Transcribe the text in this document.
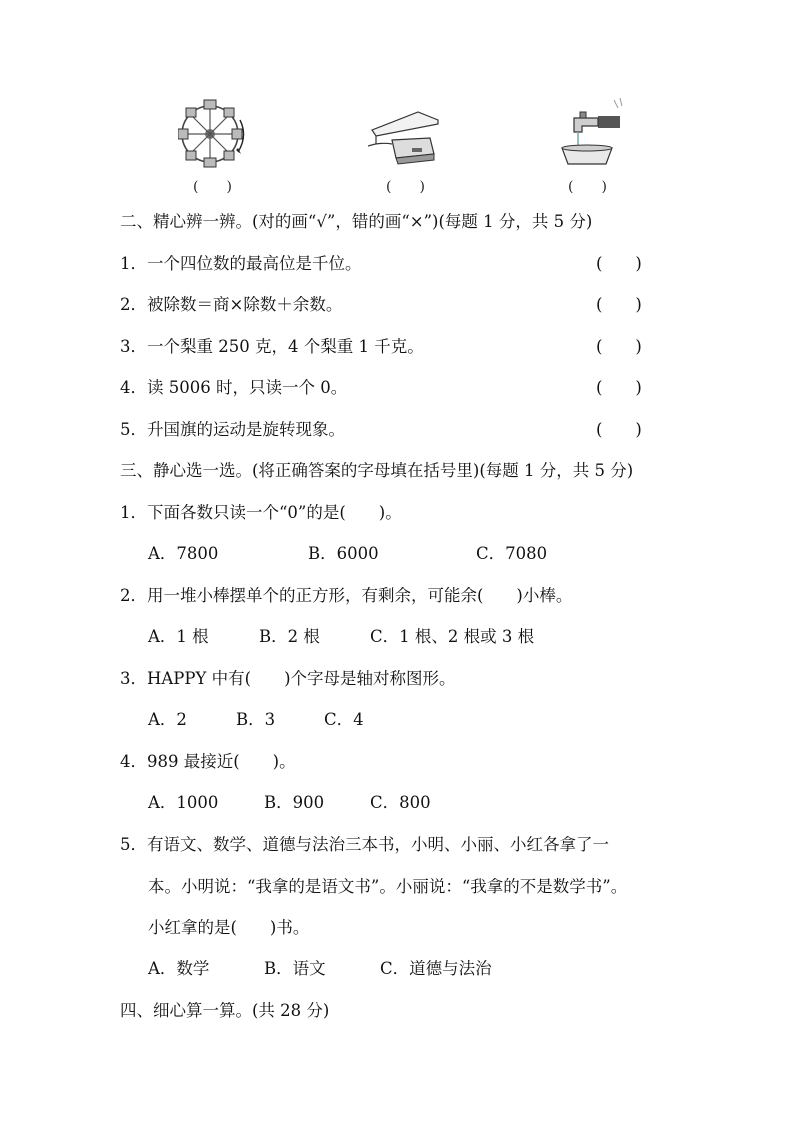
(　　)	(　　)	(　　)
二、精心辨一辨。(对的画“√”，错的画“×”)(每题 1 分，共 5 分)
1．一个四位数的最高位是千位。	(　　)
2．被除数＝商×除数＋余数。	(　　)
3．一个梨重 250 克，4 个梨重 1 千克。	(　　)
4．读 5006 时，只读一个 0。	(　　)
5．升国旗的运动是旋转现象。	(　　)
三、静心选一选。(将正确答案的字母填在括号里)(每题 1 分，共 5 分)
1．下面各数只读一个“0”的是(　　)。
A．7800	B．6000	C．7080
2．用一堆小棒摆单个的正方形，有剩余，可能余(　　)小棒。
A．1 根	B．2 根	C．1 根、2 根或 3 根
3．HAPPY 中有(　　)个字母是轴对称图形。
A．2	B．3	C．4
4．989 最接近(　　)。
A．1000	B．900	C．800
5．有语文、数学、道德与法治三本书，小明、小丽、小红各拿了一
本。小明说：“我拿的是语文书”。小丽说：“我拿的不是数学书”。
小红拿的是(　　)书。
A．数学	B．语文	C．道德与法治
四、细心算一算。(共 28 分)
